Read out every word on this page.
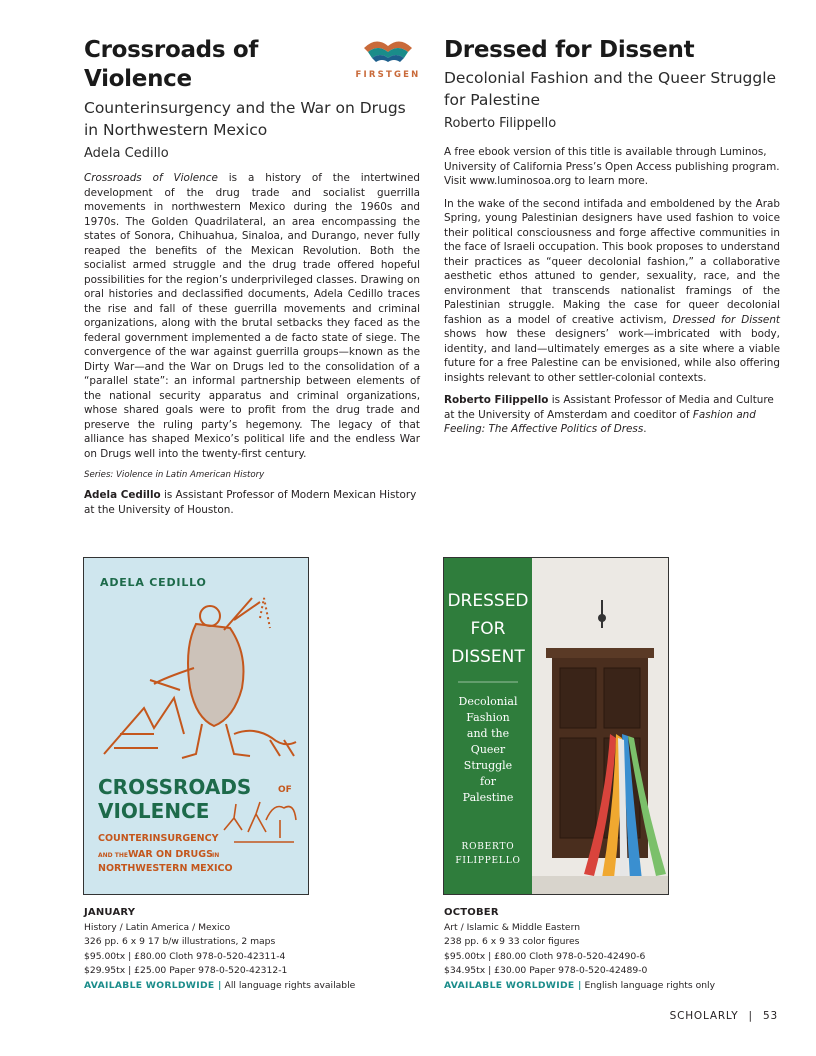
Crossroads of Violence
Counterinsurgency and the War on Drugs in Northwestern Mexico
Adela Cedillo

Crossroads of Violence is a history of the intertwined development of the drug trade and socialist guerrilla movements in northwestern Mexico during the 1960s and 1970s. The Golden Quadrilateral, an area encompassing the states of Sonora, Chihuahua, Sinaloa, and Durango, never fully reaped the benefits of the Mexican Revolution. Both the socialist armed struggle and the drug trade offered hopeful possibilities for the region’s underprivileged classes. Drawing on oral histories and declassified documents, Adela Cedillo traces the rise and fall of these guerrilla movements and criminal organizations, along with the brutal setbacks they faced as the federal government implemented a de facto state of siege. The convergence of the war against guerrilla groups—known as the Dirty War—and the War on Drugs led to the consolidation of a “parallel state”: an informal partnership between elements of the national security apparatus and criminal organizations, whose shared goals were to profit from the drug trade and preserve the ruling party’s hegemony. The legacy of that alliance has shaped Mexico’s political life and the endless War on Drugs well into the twenty-first century.

Series: Violence in Latin American History

Adela Cedillo is Assistant Professor of Modern Mexican History at the University of Houston.

FIRSTGEN
Dressed for Dissent
Decolonial Fashion and the Queer Struggle for Palestine
Roberto Filippello

A free ebook version of this title is available through Luminos, University of California Press’s Open Access publishing program. Visit www.luminosoa.org to learn more.

In the wake of the second intifada and emboldened by the Arab Spring, young Palestinian designers have used fashion to voice their political consciousness and forge affective communities in the face of Israeli occupation. This book proposes to understand their practices as “queer decolonial fashion,” a collaborative aesthetic ethos attuned to gender, sexuality, race, and the environment that transcends nationalist framings of the Palestinian struggle. Making the case for queer decolonial fashion as a model of creative activism, Dressed for Dissent shows how these designers’ work—imbricated with body, identity, and land—ultimately emerges as a site where a viable future for a free Palestine can be envisioned, while also offering insights relevant to other settler-colonial contexts.

Roberto Filippello is Assistant Professor of Media and Culture at the University of Amsterdam and coeditor of Fashion and Feeling: The Affective Politics of Dress.

ADELA CEDILLO
CROSSROADS	OF
VIOLENCE
COUNTERINSURGENCY
AND THE WAR ON DRUGS IN
NORTHWESTERN MEXICO
DRESSED
FOR
DISSENT
Decolonial
Fashion
and the
Queer
Struggle
for
Palestine
ROBERTO
FILIPPELLO
JANUARY
History / Latin America / Mexico
326 pp. 6 x 9 17 b/w illustrations, 2 maps
$95.00tx | £80.00 Cloth 978-0-520-42311-4
$29.95tx | £25.00 Paper 978-0-520-42312-1
AVAILABLE WORLDWIDE | All language rights available
OCTOBER
Art / Islamic & Middle Eastern
238 pp. 6 x 9 33 color figures
$95.00tx | £80.00 Cloth 978-0-520-42490-6
$34.95tx | £30.00 Paper 978-0-520-42489-0
AVAILABLE WORLDWIDE | English language rights only
SCHOLARLY | 53
